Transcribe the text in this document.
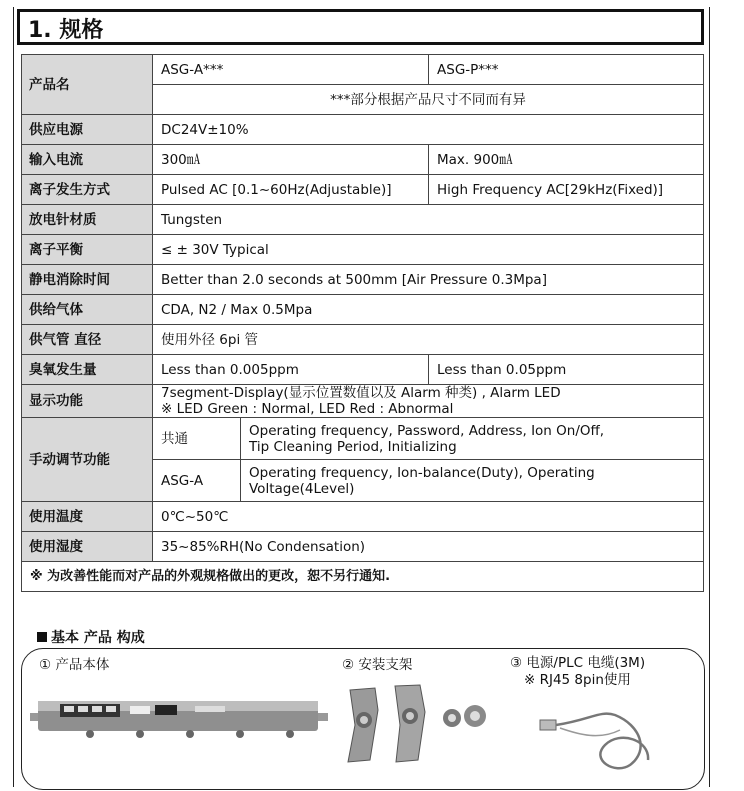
1. 规格
产品名	ASG-A***		ASG-P***
	***部分根据产品尺寸不同而有异		
供应电源	DC24V±10%		
输入电流	300㎃		Max. 900㎃
离子发生方式	Pulsed AC [0.1~60Hz(Adjustable)]		High Frequency AC[29kHz(Fixed)]
放电针材质	Tungsten		
离子平衡	≤ ± 30V Typical		
静电消除时间	Better than 2.0 seconds at 500mm [Air Pressure 0.3Mpa]		
供给气体	CDA, N2 / Max 0.5Mpa		
供气管 直径	使用外径 6pi 管		
臭氧发生量	Less than 0.005ppm		Less than 0.05ppm
显示功能	7segment-Display(显示位置数值以及 Alarm 种类) , Alarm LED
※ LED Green : Normal, LED Red : Abnormal		

手动调节功能	共通	Operating frequency, Password, Address, Ion On/Off,
Tip Cleaning Period, Initializing	

	ASG-A	Operating frequency, Ion-balance(Duty), Operating
Voltage(4Level)	

使用温度	0℃~50℃		
使用湿度	35~85%RH(No Condensation)		
※ 为改善性能而对产品的外观规格做出的更改，恕不另行通知.			
基本 产品 构成
① 产品本体	② 安装支架	③ 电源/PLC 电缆(3M)
※ RJ45 8pin使用
